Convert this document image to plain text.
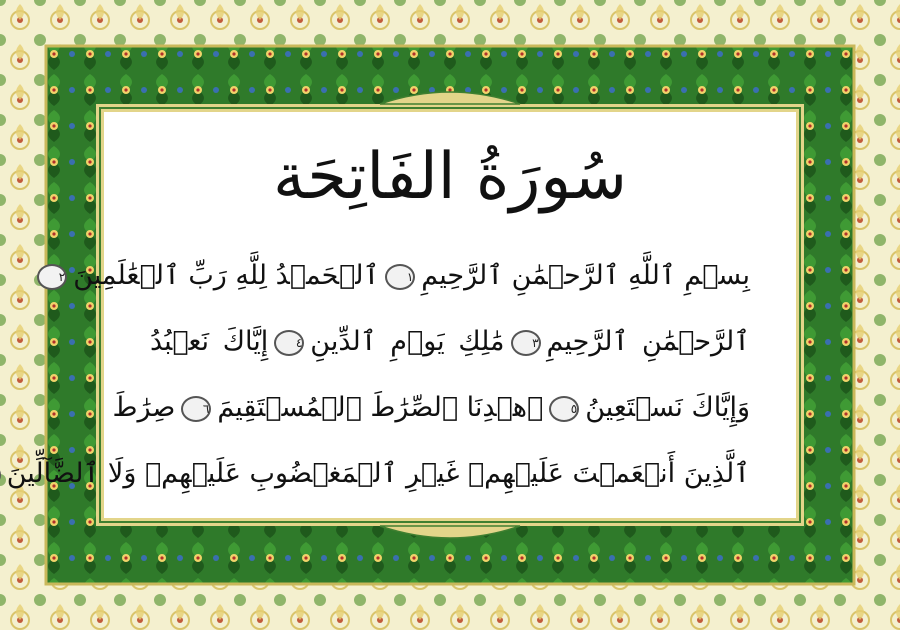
سُورَةُ الفَاتِحَة
بِسۡمِ ٱللَّهِ ٱلرَّحۡمَٰنِ ٱلرَّحِيمِ١ٱلۡحَمۡدُ لِلَّهِ رَبِّ ٱلۡعَٰلَمِينَ٢
ٱلرَّحۡمَٰنِ ٱلرَّحِيمِ٣مَٰلِكِ يَوۡمِ ٱلدِّينِ٤إِيَّاكَ نَعۡبُدُ
وَإِيَّاكَ نَسۡتَعِينُ٥ٱهۡدِنَا ٱلصِّرَٰطَ ٱلۡمُسۡتَقِيمَ٦صِرَٰطَ
ٱلَّذِينَ أَنۡعَمۡتَ عَلَيۡهِمۡ غَيۡرِ ٱلۡمَغۡضُوبِ عَلَيۡهِمۡ وَلَا ٱلضَّآلِّينَ
